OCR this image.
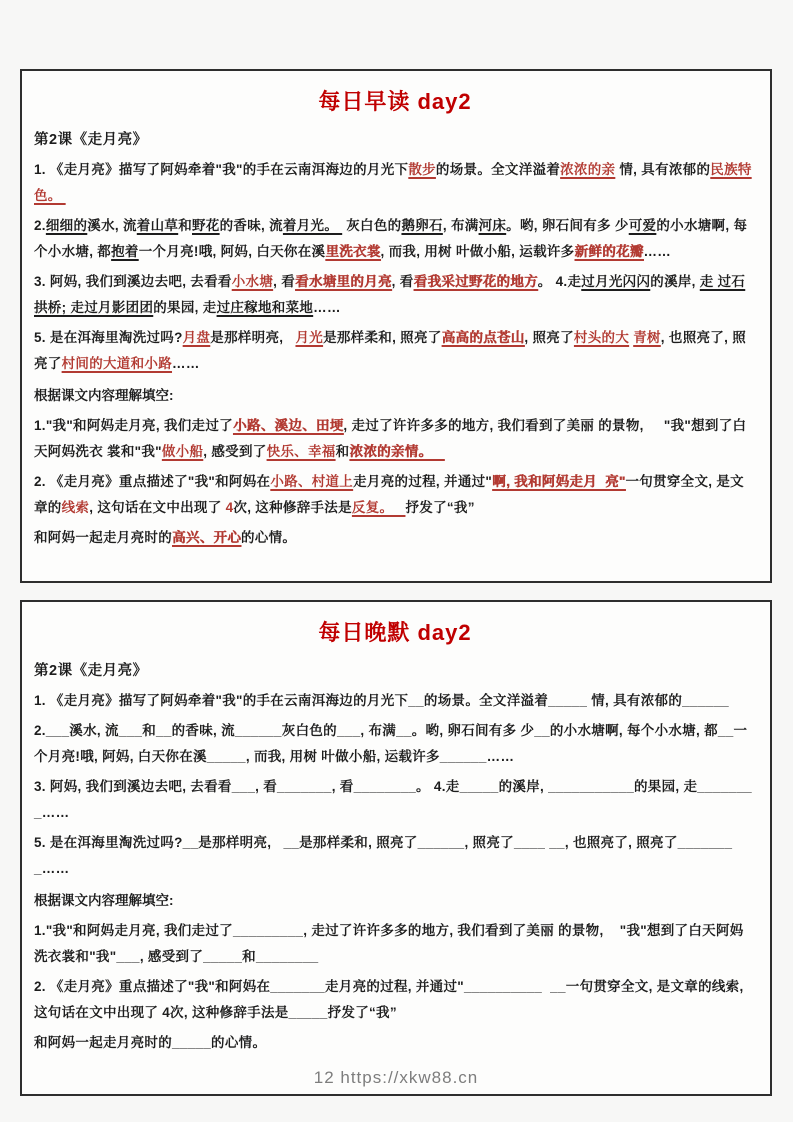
每日早读 day2
第2课《走月亮》

1. 《走月亮》描写了阿妈牵着"我"的手在云南洱海边的月光下散步的场景。全文洋溢着浓浓的亲 情, 具有浓郁的民族特色。

2.细细的溪水, 流着山草和野花的香味, 流着月光。  灰白色的鹅卵石, 布满河床。哟, 卵石间有多 少可爱的小水塘啊, 每个小水塘, 都抱着一个月亮!哦, 阿妈, 白天你在溪里洗衣裳, 而我, 用树 叶做小船, 运载许多新鲜的花瓣……

3. 阿妈, 我们到溪边去吧, 去看看小水塘, 看看水塘里的月亮, 看看我采过野花的地方。 4.走过月光闪闪的溪岸, 走 过石拱桥; 走过月影团团的果园, 走过庄稼地和菜地……

5. 是在洱海里淘洗过吗?月盘是那样明亮,   月光是那样柔和, 照亮了高高的点苍山, 照亮了村头的大 青树, 也照亮了, 照亮了村间的大道和小路……

根据课文内容理解填空:

1."我"和阿妈走月亮, 我们走过了小路、溪边、田埂, 走过了许许多多的地方, 我们看到了美丽 的景物,     "我"想到了白天阿妈洗衣 裳和"我"做小船, 感受到了快乐、幸福和浓浓的亲情。

2. 《走月亮》重点描述了"我"和阿妈在小路、村道上走月亮的过程, 并通过"啊, 我和阿妈走月  亮"一句贯穿全文, 是文章的线索, 这句话在文中出现了 4次, 这种修辞手法是反复。   抒发了“我”

和阿妈一起走月亮时的高兴、开心的心情。

每日晚默 day2
第2课《走月亮》

1. 《走月亮》描写了阿妈牵着"我"的手在云南洱海边的月光下__的场景。全文洋溢着_____ 情, 具有浓郁的______

2.___溪水, 流___和__的香味, 流______灰白色的___, 布满__。哟, 卵石间有多 少__的小水塘啊, 每个小水塘, 都__一个月亮!哦, 阿妈, 白天你在溪_____, 而我, 用树 叶做小船, 运载许多______……

3. 阿妈, 我们到溪边去吧, 去看看___, 看_______, 看________。 4.走_____的溪岸, ___________的果园, 走________……

5. 是在洱海里淘洗过吗?__是那样明亮,   __是那样柔和, 照亮了______, 照亮了____ __, 也照亮了, 照亮了________……

根据课文内容理解填空:

1."我"和阿妈走月亮, 我们走过了_________, 走过了许许多多的地方, 我们看到了美丽 的景物,    "我"想到了白天阿妈洗衣裳和"我"___, 感受到了_____和________

2. 《走月亮》重点描述了"我"和阿妈在_______走月亮的过程, 并通过"__________  __一句贯穿全文, 是文章的线索, 这句话在文中出现了 4次, 这种修辞手法是_____抒发了“我”

和阿妈一起走月亮时的_____的心情。

12 https://xkw88.cn
